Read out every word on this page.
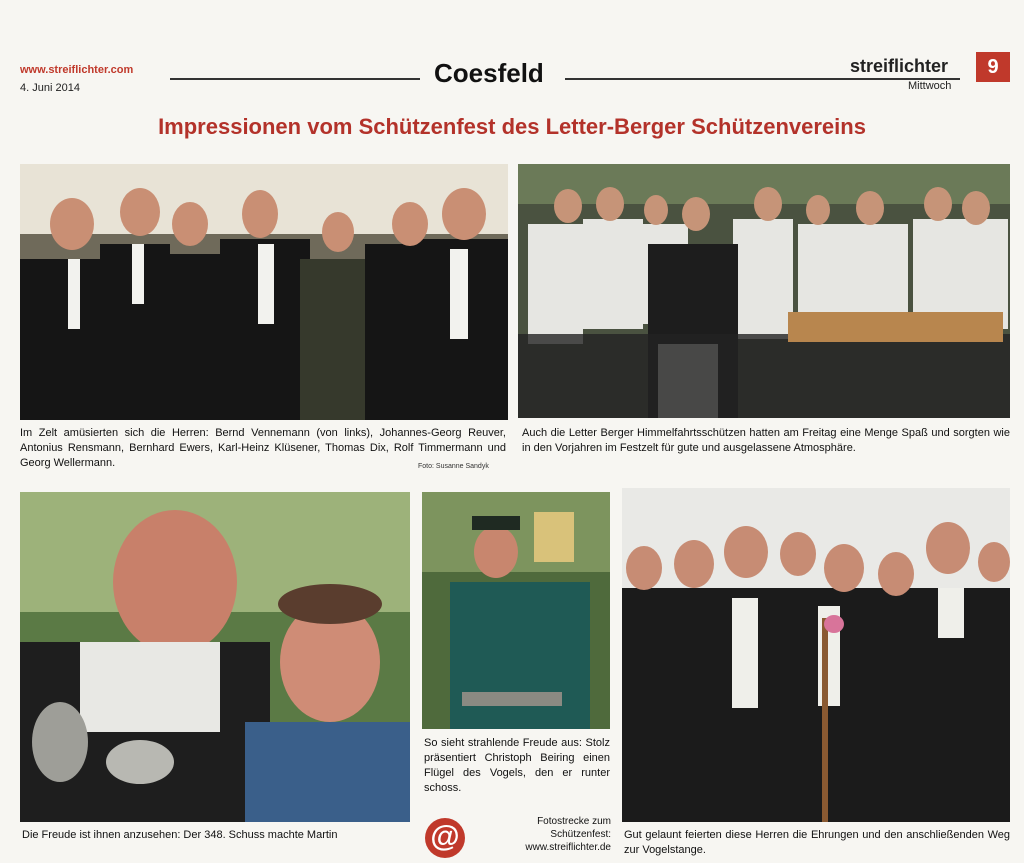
www.streiflichter.com
4. Juni 2014	Coesfeld	streiflichter
Mittwoch
9
Impressionen vom Schützenfest des Letter-Berger Schützenvereins

Im Zelt amüsierten sich die Herren: Bernd Vennemann (von links), Johannes-Georg Reuver, Antonius Rensmann, Bernhard Ewers, Karl-Heinz Klüsener, Thomas Dix, Rolf Timmermann und Georg Wellermann.	Foto: Susanne Sandyk

Auch die Letter Berger Himmelfahrtsschützen hatten am Freitag eine Menge Spaß und sorgten wie in den Vorjahren im Festzelt für gute und ausgelassene Atmosphäre.

Die Freude ist ihnen anzusehen: Der 348. Schuss machte Martin

So sieht strahlende Freude aus: Stolz präsentiert Christoph Beiring einen Flügel des Vogels, den er runter schoss.

Gut gelaunt feierten diese Herren die Ehrungen und den anschließenden Weg zur Vogelstange.

@	Fotostrecke zum
Schützenfest:
www.streiflichter.de
